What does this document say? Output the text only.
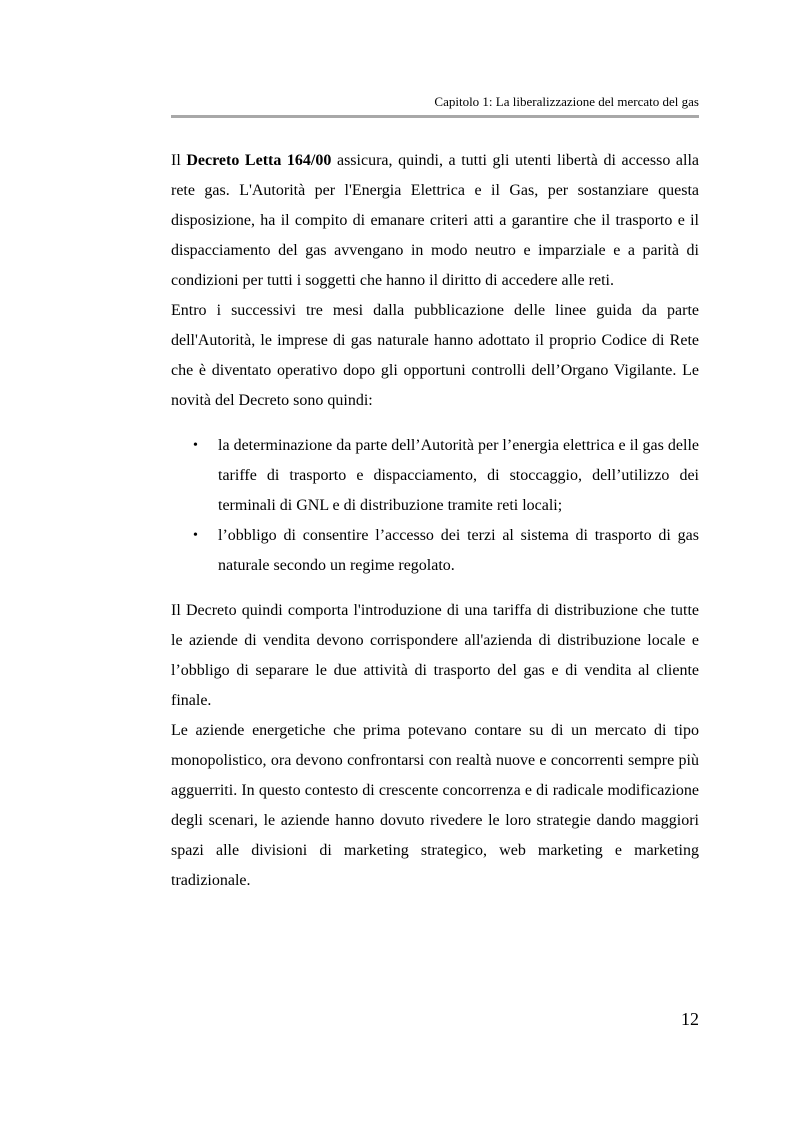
Capitolo 1: La liberalizzazione del mercato del gas

Il Decreto Letta 164/00 assicura, quindi, a tutti gli utenti libertà di accesso alla rete gas. L'Autorità per l'Energia Elettrica e il Gas, per sostanziare questa disposizione, ha il compito di emanare criteri atti a garantire che il trasporto e il dispacciamento del gas avvengano in modo neutro e imparziale e a parità di condizioni per tutti i soggetti che hanno il diritto di accedere alle reti.

Entro i successivi tre mesi dalla pubblicazione delle linee guida da parte dell'Autorità, le imprese di gas naturale hanno adottato il proprio Codice di Rete che è diventato operativo dopo gli opportuni controlli dell’Organo Vigilante. Le novità del Decreto sono quindi:

• la determinazione da parte dell’Autorità per l’energia elettrica e il gas delle tariffe di trasporto e dispacciamento, di stoccaggio, dell’utilizzo dei terminali di GNL e di distribuzione tramite reti locali;
• l’obbligo di consentire l’accesso dei terzi al sistema di trasporto di gas naturale secondo un regime regolato.

Il Decreto quindi comporta l'introduzione di una tariffa di distribuzione che tutte le aziende di vendita devono corrispondere all'azienda di distribuzione locale e l’obbligo di separare le due attività di trasporto del gas e di vendita al cliente finale.

Le aziende energetiche che prima potevano contare su di un mercato di tipo monopolistico, ora devono confrontarsi con realtà nuove e concorrenti sempre più agguerriti. In questo contesto di crescente concorrenza e di radicale modificazione degli scenari, le aziende hanno dovuto rivedere le loro strategie dando maggiori spazi alle divisioni di marketing strategico, web marketing e marketing tradizionale.

12
